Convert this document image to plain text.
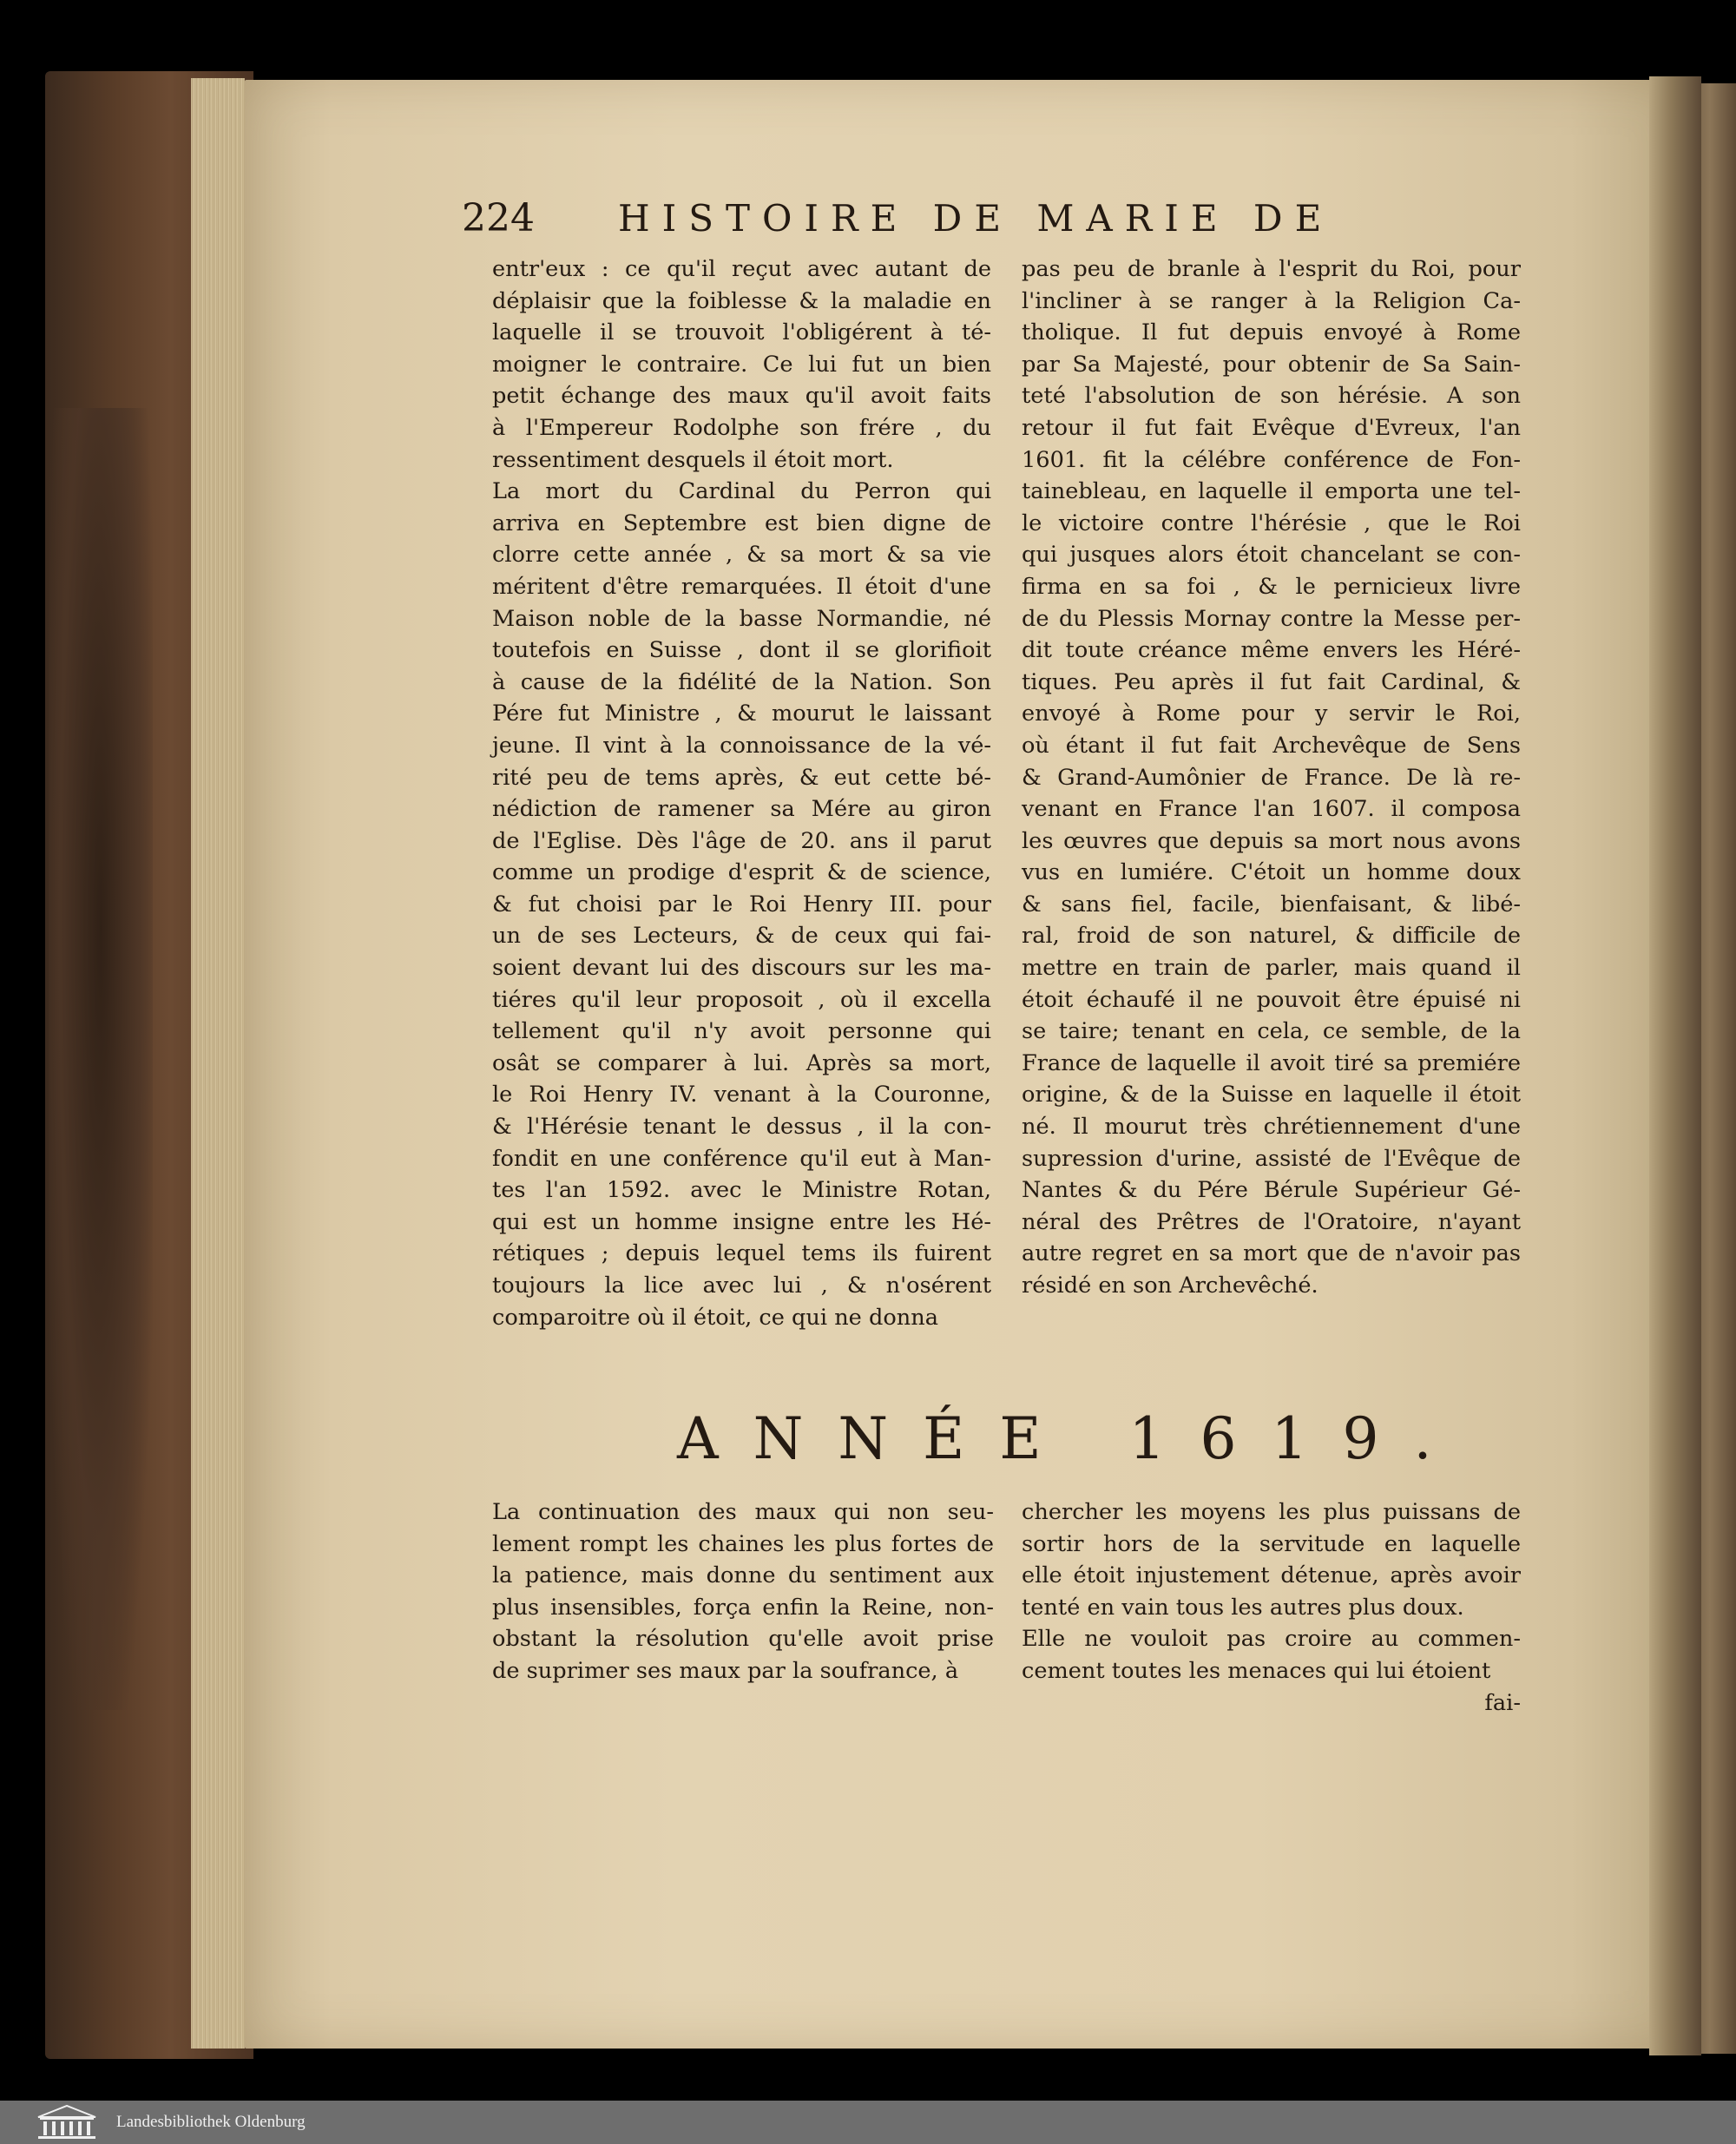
224	HISTOIRE DE MARIE DE
entr'eux : ce qu'il reçut avec autant de
déplaisir que la foiblesse & la maladie en
laquelle il se trouvoit l'obligérent à té-
moigner le contraire. Ce lui fut un bien
petit échange des maux qu'il avoit faits
à l'Empereur Rodolphe son frére , du
ressentiment desquels il étoit mort.
La mort du Cardinal du Perron qui
arriva en Septembre est bien digne de
clorre cette année , & sa mort & sa vie
méritent d'être remarquées. Il étoit d'une
Maison noble de la basse Normandie, né
toutefois en Suisse , dont il se glorifioit
à cause de la fidélité de la Nation. Son
Pére fut Ministre , & mourut le laissant
jeune. Il vint à la connoissance de la vé-
rité peu de tems après, & eut cette bé-
nédiction de ramener sa Mére au giron
de l'Eglise. Dès l'âge de 20. ans il parut
comme un prodige d'esprit & de science,
& fut choisi par le Roi Henry III. pour
un de ses Lecteurs, & de ceux qui fai-
soient devant lui des discours sur les ma-
tiéres qu'il leur proposoit , où il excella
tellement qu'il n'y avoit personne qui
osât se comparer à lui. Après sa mort,
le Roi Henry IV. venant à la Couronne,
& l'Hérésie tenant le dessus , il la con-
fondit en une conférence qu'il eut à Man-
tes l'an 1592. avec le Ministre Rotan,
qui est un homme insigne entre les Hé-
rétiques ; depuis lequel tems ils fuirent
toujours la lice avec lui , & n'osérent
comparoitre où il étoit, ce qui ne donna
pas peu de branle à l'esprit du Roi, pour
l'incliner à se ranger à la Religion Ca-
tholique. Il fut depuis envoyé à Rome
par Sa Majesté, pour obtenir de Sa Sain-
teté l'absolution de son hérésie. A son
retour il fut fait Evêque d'Evreux, l'an
1601. fit la célébre conférence de Fon-
tainebleau, en laquelle il emporta une tel-
le victoire contre l'hérésie , que le Roi
qui jusques alors étoit chancelant se con-
firma en sa foi , & le pernicieux livre
de du Plessis Mornay contre la Messe per-
dit toute créance même envers les Héré-
tiques. Peu après il fut fait Cardinal, &
envoyé à Rome pour y servir le Roi,
où étant il fut fait Archevêque de Sens
& Grand-Aumônier de France. De là re-
venant en France l'an 1607. il composa
les œuvres que depuis sa mort nous avons
vus en lumiére. C'étoit un homme doux
& sans fiel, facile, bienfaisant, & libé-
ral, froid de son naturel, & difficile de
mettre en train de parler, mais quand il
étoit échaufé il ne pouvoit être épuisé ni
se taire; tenant en cela, ce semble, de la
France de laquelle il avoit tiré sa premiére
origine, & de la Suisse en laquelle il étoit
né. Il mourut très chrétiennement d'une
supression d'urine, assisté de l'Evêque de
Nantes & du Pére Bérule Supérieur Gé-
néral des Prêtres de l'Oratoire, n'ayant
autre regret en sa mort que de n'avoir pas
résidé en son Archevêché.
ANNÉE 1619.
La continuation des maux qui non seu-
lement rompt les chaines les plus fortes de
la patience, mais donne du sentiment aux
plus insensibles, força enfin la Reine, non-
obstant la résolution qu'elle avoit prise
de suprimer ses maux par la soufrance, à
chercher les moyens les plus puissans de
sortir hors de la servitude en laquelle
elle étoit injustement détenue, après avoir
tenté en vain tous les autres plus doux.
Elle ne vouloit pas croire au commen-
cement toutes les menaces qui lui étoient
fai-
Landesbibliothek Oldenburg
